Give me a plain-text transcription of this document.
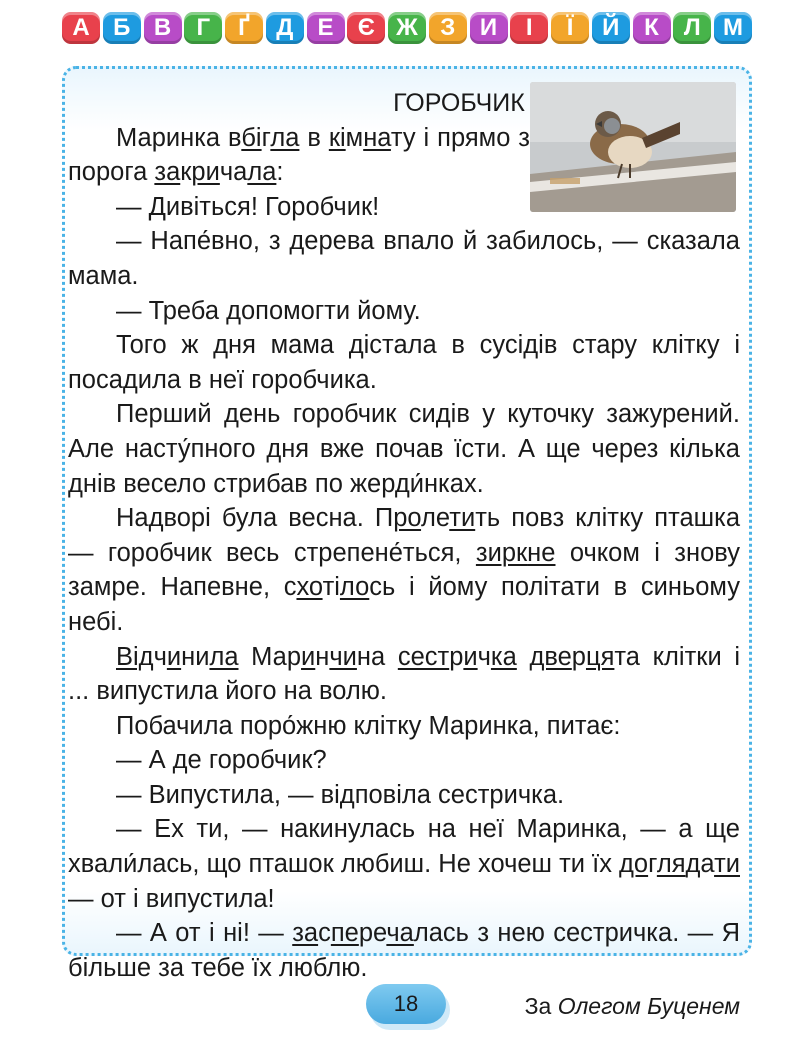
А Б В	Г	Ґ	Д	Е	Є Ж З	И	І	Ї	Й	К	Л М
ГОРОБЧИК

Маринка вбігла в кімнату і прямо з порога закричала:

— Дивіться! Горобчик!

— Напе́вно, з дерева впало й забилось, — сказала мама.

— Треба допомогти йому.

Того ж дня мама дістала в сусідів стару клітку і посадила в неї горобчика.

Перший день горобчик сидів у куточку зажурений. Але насту́пного дня вже почав їсти. А ще через кілька днів весело стрибав по жерди́нках.

Надворі була весна. Пролетить повз клітку пташка — горобчик весь стрепене́ться, зиркне очком і знову замре. Напевне, схотілось і йому політати в синьому небі.

Відчинила Маринчина сестричка дверцята клітки і ... випустила його на волю.

Побачила поро́жню клітку Маринка, питає:

— А де горобчик?

— Випустила, — відповіла сестричка.

— Ех ти, — накинулась на неї Маринка, — а ще хвали́лась, що пташок любиш. Не хочеш ти їх доглядати — от і випустила!

— А от і ні! — засперечалась з нею сестричка. — Я більше за тебе їх люблю.

За Олегом Буценем

18
